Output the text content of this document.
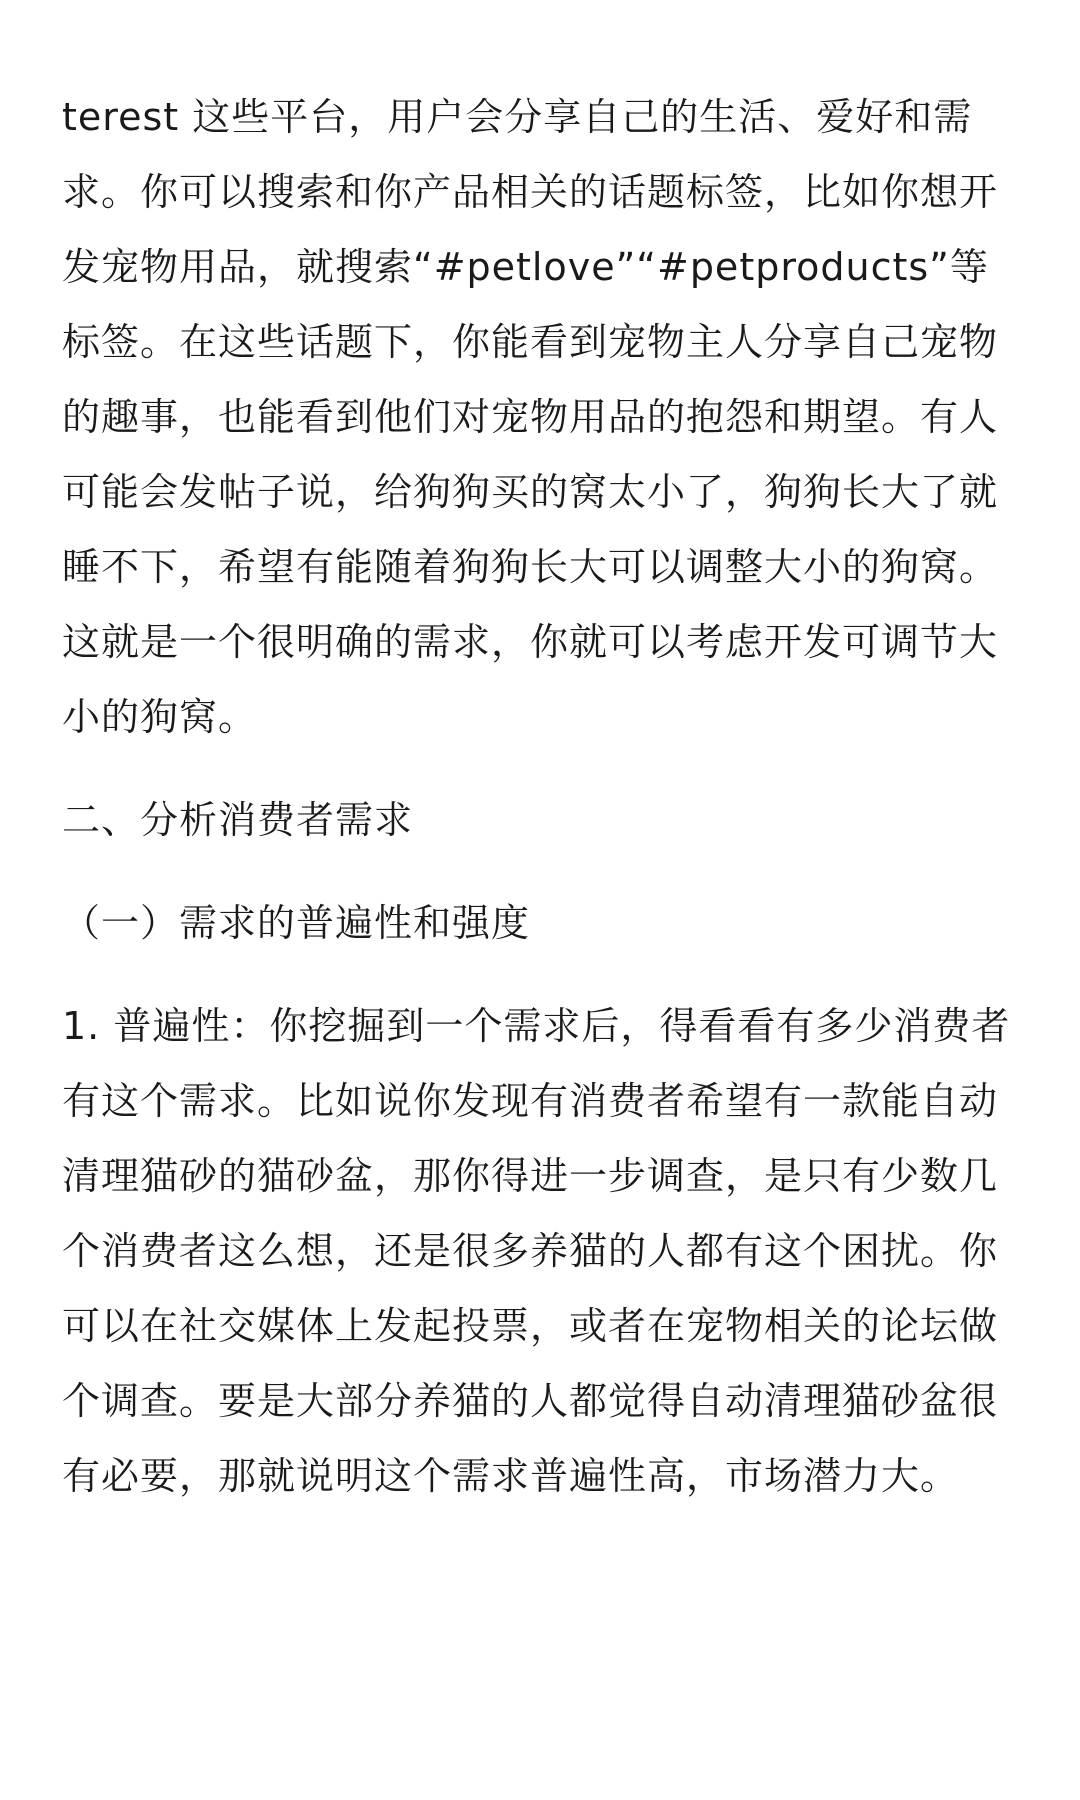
terest 这些平台，用户会分享自己的生活、爱好和需求。你可以搜索和你产品相关的话题标签，比如你想开发宠物用品，就搜索“#petlove”“#petproducts”等标签。在这些话题下，你能看到宠物主人分享自己宠物的趣事，也能看到他们对宠物用品的抱怨和期望。有人可能会发帖子说，给狗狗买的窝太小了，狗狗长大了就睡不下，希望有能随着狗狗长大可以调整大小的狗窝。这就是一个很明确的需求，你就可以考虑开发可调节大小的狗窝。

二、分析消费者需求

（一）需求的普遍性和强度

1. 普遍性：你挖掘到一个需求后，得看看有多少消费者有这个需求。比如说你发现有消费者希望有一款能自动清理猫砂的猫砂盆，那你得进一步调查，是只有少数几个消费者这么想，还是很多养猫的人都有这个困扰。你可以在社交媒体上发起投票，或者在宠物相关的论坛做个调查。要是大部分养猫的人都觉得自动清理猫砂盆很有必要，那就说明这个需求普遍性高，市场潜力大。
